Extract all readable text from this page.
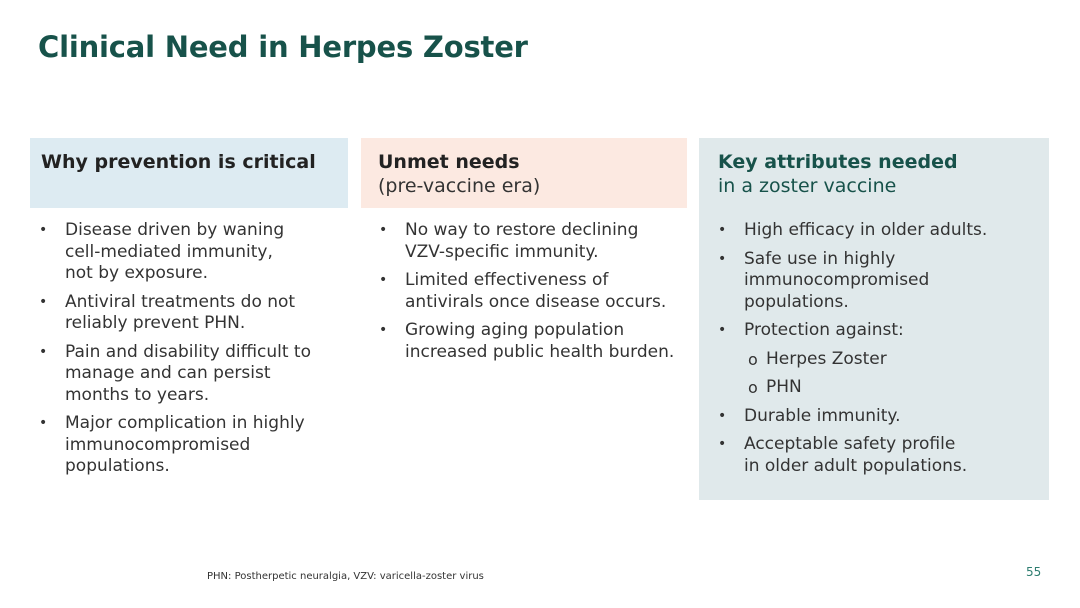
Clinical Need in Herpes Zoster
Why prevention is critical	Unmet needs
(pre-vaccine era)
Key attributes needed
in a zoster vaccine
• Disease driven by waning
cell-mediated immunity,
not by exposure.
• Antiviral treatments do not
reliably prevent PHN.
• Pain and disability difficult to
manage and can persist
months to years.
• Major complication in highly
immunocompromised
populations.
• No way to restore declining
VZV-specific immunity.
• Limited effectiveness of
antivirals once disease occurs.
• Growing aging population
increased public health burden.
• High efficacy in older adults.
• Safe use in highly
immunocompromised
populations.
• Protection against:
o Herpes Zoster
o PHN
• Durable immunity.
• Acceptable safety profile
in older adult populations.
PHN: Postherpetic neuralgia, VZV: varicella-zoster virus	55
